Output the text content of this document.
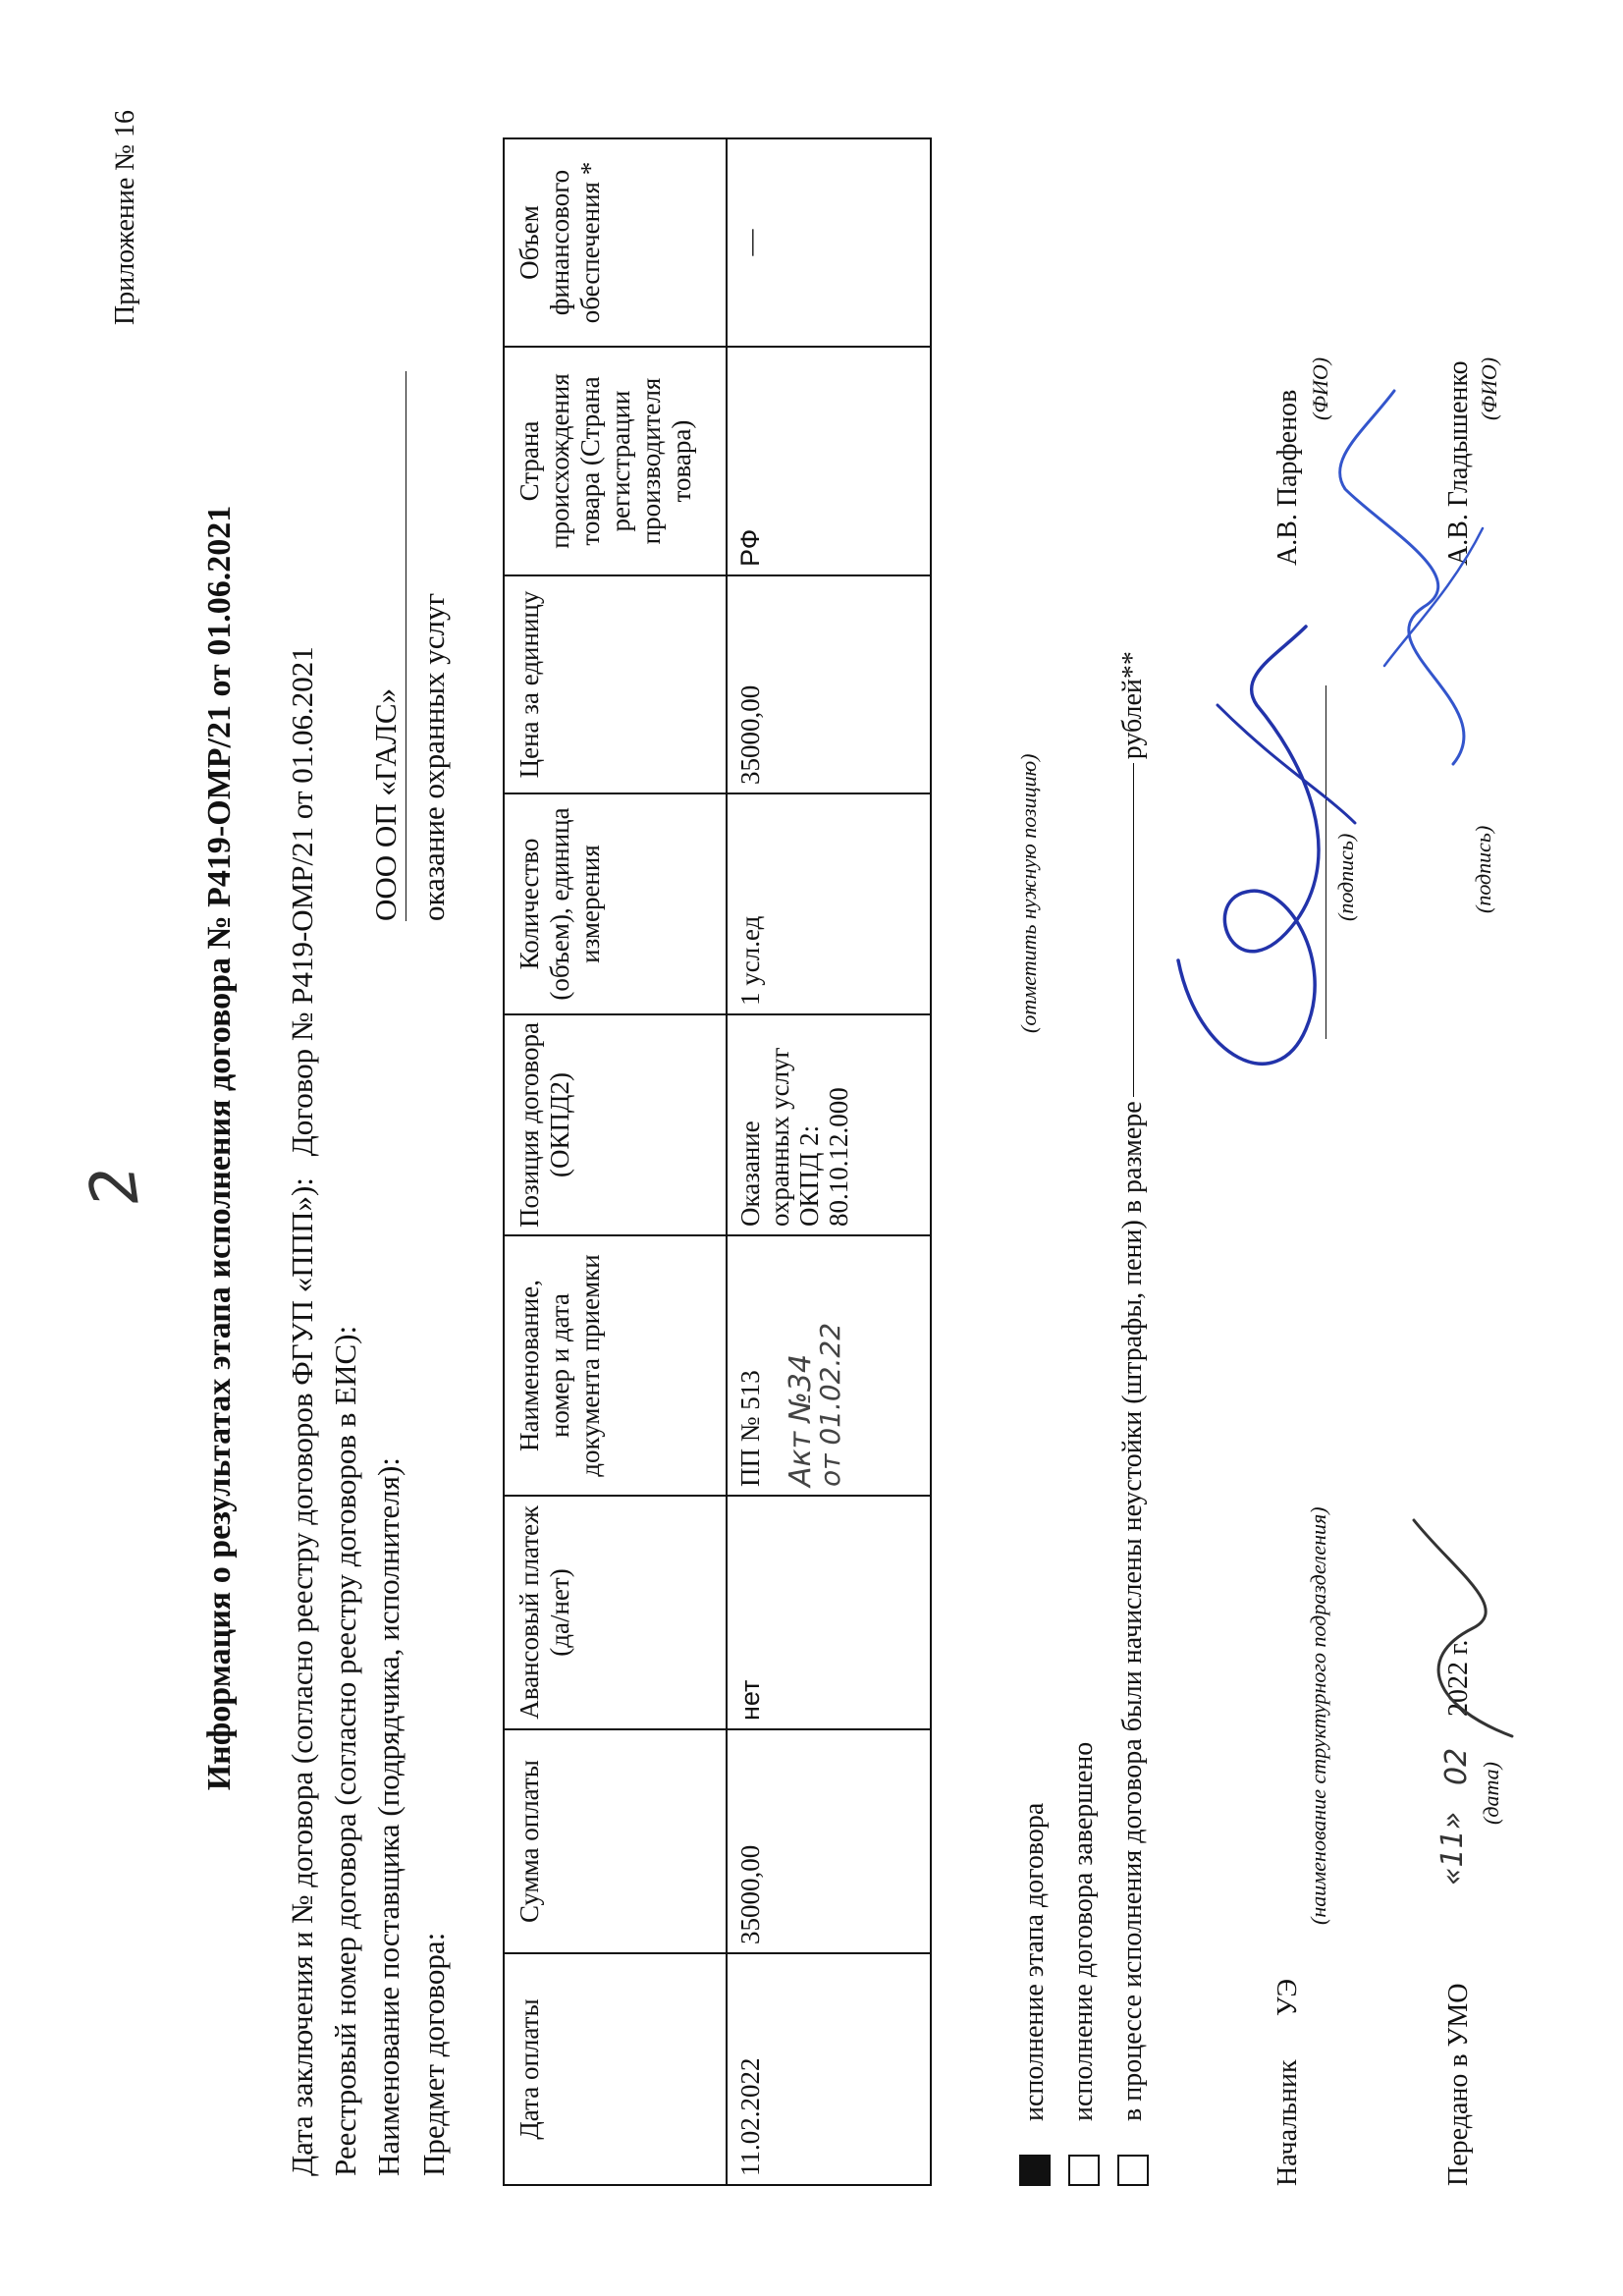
Приложение № 16
2 Информация о результатах этапа исполнения договора № Р419-ОМР/21 от 01.06.2021 Дата заключения и № договора (согласно реестру договоров ФГУП «ППП»): Договор № Р419-ОМР/21 от 01.06.2021
Реестровый номер договора (согласно реестру договоров в ЕИС): Наименование поставщика (подрядчика, исполнителя):
ООО ОП «ГАЛС»
Предмет договора:
оказание охранных услуг
Дата оплаты	Сумма оплаты	Авансовый платеж (да/нет)	Наименование, номер и дата документа приемки	Позиция договора (ОКПД2)	Количество (объем), единица измерения	Цена за единицу	Страна происхождения товара (Страна регистрации производителя товара)	Объем финансового обеспечения *
11.02.2022	35000,00	нет	ПП № 513 Акт №34
от 01.02.22	Оказание охранных услуг ОКПД 2: 80.10.12.000	1 усл.ед	35000,00	РФ	—
исполнение этапа договора исполнение договора завершено в процессе исполнения договора были начислены неустойки (штрафы, пени) в размере
рублей**
(отметить нужную позицию)
Начальник
УЭ
(наименование структурного подразделения)
(подпись)
А.В. Парфенов
(ФИО)
Передано в УМО
«11»
02
2022 г.
(дата)
(подпись)
А.В. Гладышенко (ФИО)
